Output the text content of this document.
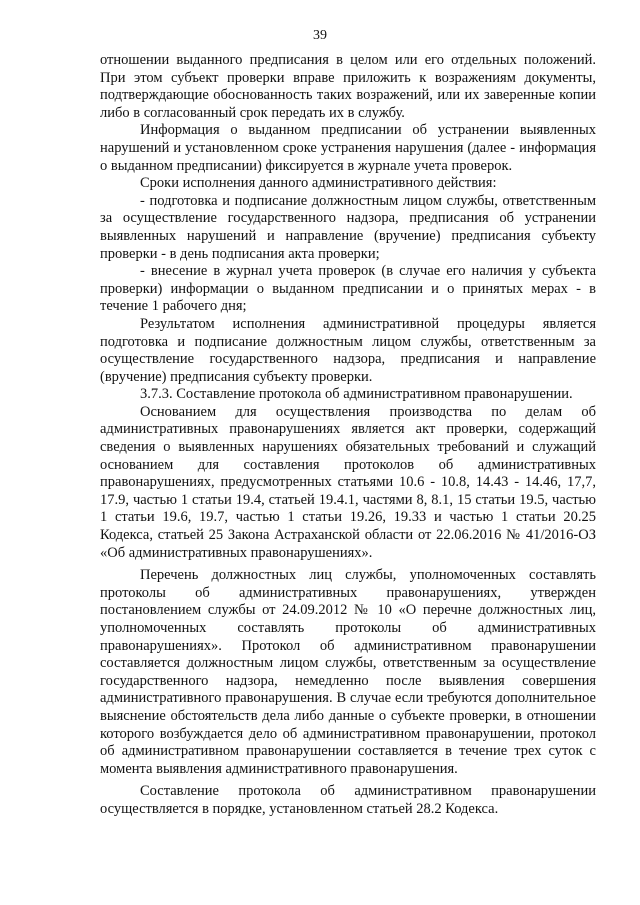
39

отношении выданного предписания в целом или его отдельных положений. При этом субъект проверки вправе приложить к возражениям документы, подтверждающие обоснованность таких возражений, или их заверенные копии либо в согласованный срок передать их в службу.

Информация о выданном предписании об устранении выявленных нарушений и установленном сроке устранения нарушения (далее - информация о выданном предписании) фиксируется в журнале учета проверок.

Сроки исполнения данного административного действия:

- подготовка и подписание должностным лицом службы, ответственным за осуществление государственного надзора, предписания об устранении выявленных нарушений и направление (вручение) предписания субъекту проверки - в день подписания акта проверки;

- внесение в журнал учета проверок (в случае его наличия у субъекта проверки) информации о выданном предписании и о принятых мерах - в течение 1 рабочего дня;

Результатом исполнения административной процедуры является подготовка и подписание должностным лицом службы, ответственным за осуществление государственного надзора, предписания и направление (вручение) предписания субъекту проверки.

3.7.3. Составление протокола об административном правонарушении.

Основанием для осуществления производства по делам об административных правонарушениях является акт проверки, содержащий сведения о выявленных нарушениях обязательных требований и служащий основанием для составления протоколов об административных правонарушениях, предусмотренных статьями 10.6 - 10.8, 14.43 - 14.46, 17,7, 17.9, частью 1 статьи 19.4, статьей 19.4.1, частями 8, 8.1, 15 статьи 19.5, частью 1 статьи 19.6, 19.7, частью 1 статьи 19.26, 19.33 и частью 1 статьи 20.25 Кодекса, статьей 25 Закона Астраханской области от 22.06.2016 № 41/2016-ОЗ «Об административных правонарушениях».

Перечень должностных лиц службы, уполномоченных составлять протоколы об административных правонарушениях, утвержден постановлением службы от 24.09.2012 № 10 «О перечне должностных лиц, уполномоченных составлять протоколы об административных правонарушениях». Протокол об административном правонарушении составляется должностным лицом службы, ответственным за осуществление государственного надзора, немедленно после выявления совершения административного правонарушения. В случае если требуются дополнительное выяснение обстоятельств дела либо данные о субъекте проверки, в отношении которого возбуждается дело об административном правонарушении, протокол об административном правонарушении составляется в течение трех суток с момента выявления административного правонарушения.

Составление протокола об административном правонарушении осуществляется в порядке, установленном статьей 28.2 Кодекса.
